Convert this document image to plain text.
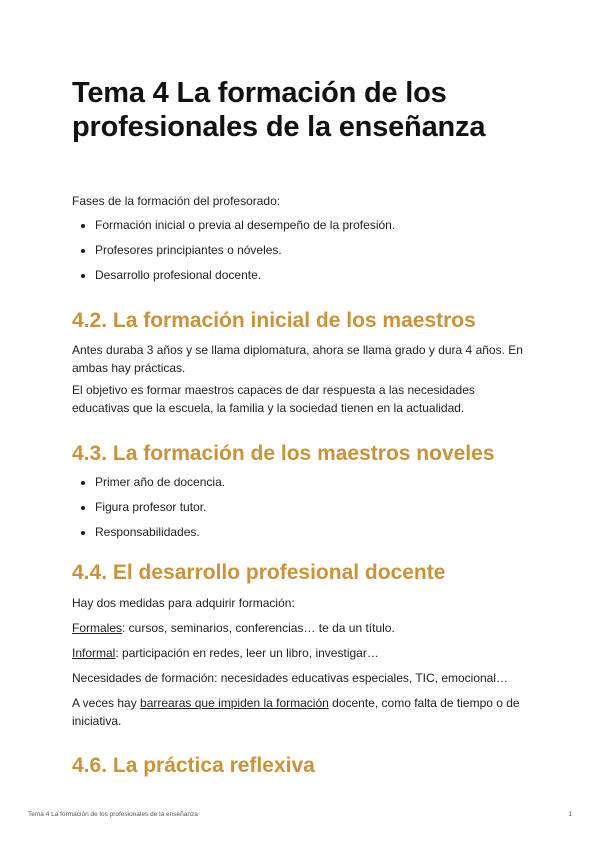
Tema 4 La formación de los profesionales de la enseñanza

Fases de la formación del profesorado:

• Formación inicial o previa al desempeño de la profesión.
• Profesores principiantes o nóveles.
• Desarrollo profesional docente.
4.2. La formación inicial de los maestros

Antes duraba 3 años y se llama diplomatura, ahora se llama grado y dura 4 años. En ambas hay prácticas.

El objetivo es formar maestros capaces de dar respuesta a las necesidades educativas que la escuela, la familia y la sociedad tienen en la actualidad.

4.3. La formación de los maestros noveles
• Primer año de docencia.
• Figura profesor tutor.
• Responsabilidades.
4.4. El desarrollo profesional docente

Hay dos medidas para adquirir formación:

Formales: cursos, seminarios, conferencias… te da un título.

Informal: participación en redes, leer un libro, investigar…

Necesidades de formación: necesidades educativas especiales, TIC, emocional…

A veces hay barrearas que impiden la formación docente, como falta de tiempo o de iniciativa.

4.6. La práctica reflexiva
Tema 4 La formación de los profesionales de la enseñanza	1
